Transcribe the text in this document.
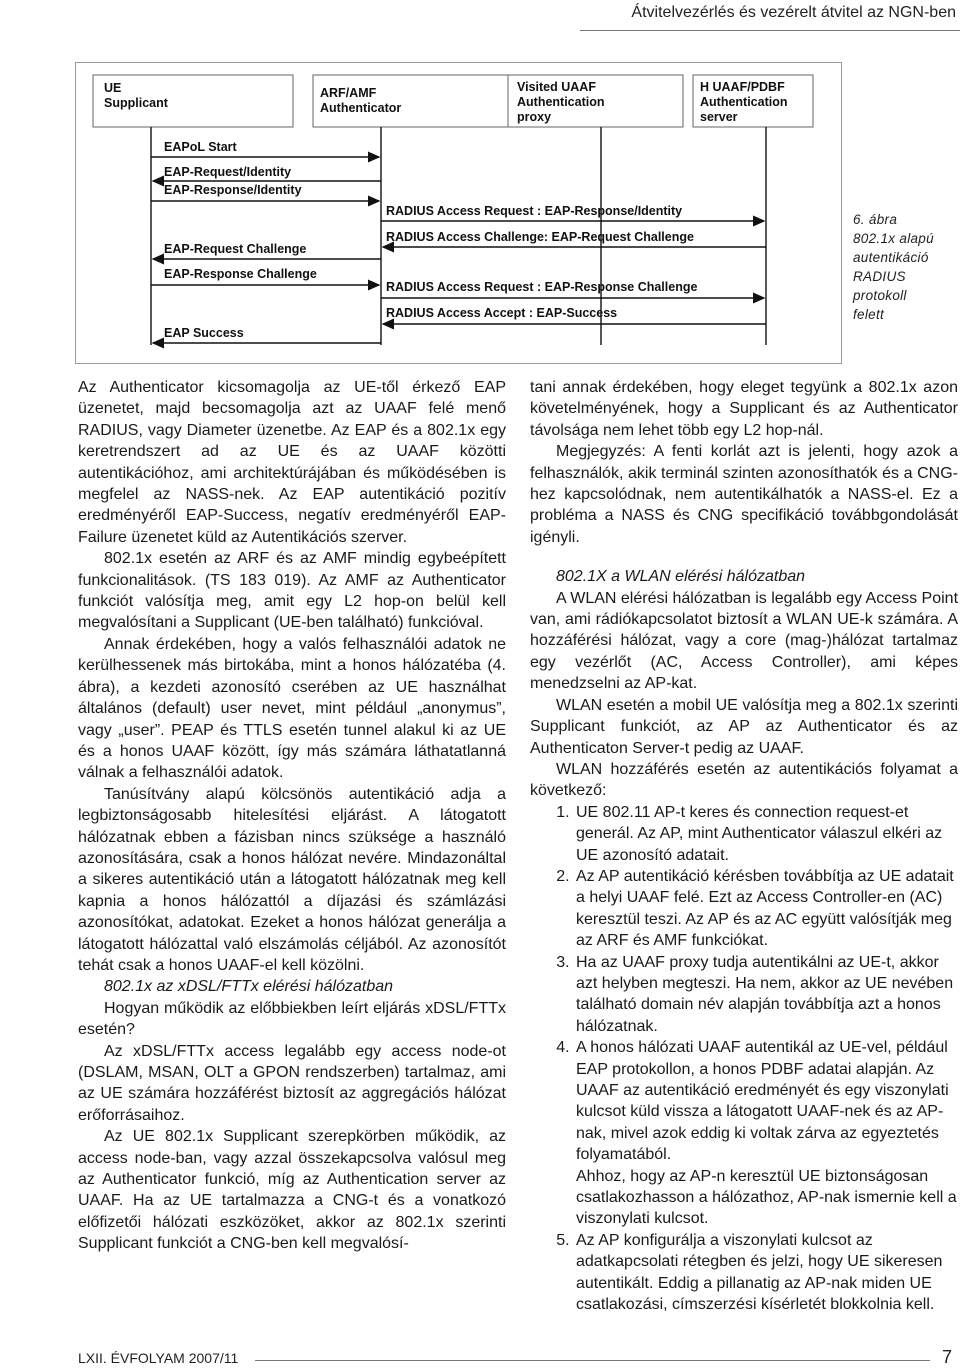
Átvitelvezérlés és vezérelt átvitel az NGN-ben
UE
Supplicant
ARF/AMF
Authenticator
Visited UAAF
Authentication
proxy
H UAAF/PDBF
Authentication
server
EAPoL Start
EAP-Request/Identity
EAP-Response/Identity
RADIUS Access Request : EAP-Response/Identity
RADIUS Access Challenge: EAP-Request Challenge
EAP-Request Challenge
EAP-Response Challenge
RADIUS Access Request : EAP-Response Challenge
RADIUS Access Accept : EAP-Success
EAP Success
6. ábra
802.1x alapú
autentikáció
RADIUS
protokoll
felett

Az Authenticator kicsomagolja az UE-től érkező EAP üzenetet, majd becsomagolja azt az UAAF felé menő RADIUS, vagy Diameter üzenetbe. Az EAP és a 802.1x egy keretrendszert ad az UE és az UAAF közötti autentikációhoz, ami architektúrájában és működésében is megfelel az NASS-nek. Az EAP autentikáció pozitív eredményéről EAP-Success, negatív eredményéről EAP-Failure üzenetet küld az Autentikációs szerver.

802.1x esetén az ARF és az AMF mindig egybeépített funkcionalitások. (TS 183 019). Az AMF az Authenticator funkciót valósítja meg, amit egy L2 hop-on belül kell megvalósítani a Supplicant (UE-ben található) funkcióval.

Annak érdekében, hogy a valós felhasználói adatok ne kerülhessenek más birtokába, mint a honos hálózatéba (4. ábra), a kezdeti azonosító cserében az UE használhat általános (default) user nevet, mint például „anonymus”, vagy „user”. PEAP és TTLS esetén tunnel alakul ki az UE és a honos UAAF között, így más számára láthatatlanná válnak a felhasználói adatok.

Tanúsítvány alapú kölcsönös autentikáció adja a legbiztonságosabb hitelesítési eljárást. A látogatott hálózatnak ebben a fázisban nincs szüksége a használó azonosítására, csak a honos hálózat nevére. Mindazonáltal a sikeres autentikáció után a látogatott hálózatnak meg kell kapnia a honos hálózattól a díjazási és számlázási azonosítókat, adatokat. Ezeket a honos hálózat generálja a látogatott hálózattal való elszámolás céljából. Az azonosítót tehát csak a honos UAAF-el kell közölni.

802.1x az xDSL/FTTx elérési hálózatban

Hogyan működik az előbbiekben leírt eljárás xDSL/FTTx esetén?

Az xDSL/FTTx access legalább egy access node-ot (DSLAM, MSAN, OLT a GPON rendszerben) tartalmaz, ami az UE számára hozzáférést biztosít az aggregációs hálózat erőforrásaihoz.

Az UE 802.1x Supplicant szerepkörben működik, az access node-ban, vagy azzal összekapcsolva valósul meg az Authenticator funkció, míg az Authentication server az UAAF. Ha az UE tartalmazza a CNG-t és a vonatkozó előfizetői hálózati eszközöket, akkor az 802.1x szerinti Supplicant funkciót a CNG-ben kell megvalósí-

tani annak érdekében, hogy eleget tegyünk a 802.1x azon követelményének, hogy a Supplicant és az Authenticator távolsága nem lehet több egy L2 hop-nál.

Megjegyzés: A fenti korlát azt is jelenti, hogy azok a felhasználók, akik terminál szinten azonosíthatók és a CNG-hez kapcsolódnak, nem autentikálhatók a NASS-el. Ez a probléma a NASS és CNG specifikáció továbbgondolását igényli.

802.1X a WLAN elérési hálózatban

A WLAN elérési hálózatban is legalább egy Access Point van, ami rádiókapcsolatot biztosít a WLAN UE-k számára. A hozzáférési hálózat, vagy a core (mag-)hálózat tartalmaz egy vezérlőt (AC, Access Controller), ami képes menedzselni az AP-kat.

WLAN esetén a mobil UE valósítja meg a 802.1x szerinti Supplicant funkciót, az AP az Authenticator és az Authenticaton Server-t pedig az UAAF.

WLAN hozzáférés esetén az autentikációs folyamat a következő:

1. UE 802.11 AP-t keres és connection request-et generál. Az AP, mint Authenticator válaszul elkéri az UE azonosító adatait.
2. Az AP autentikáció kérésben továbbítja az UE adatait a helyi UAAF felé. Ezt az Access Controller-en (AC) keresztül teszi. Az AP és az AC együtt valósítják meg az ARF és AMF funkciókat.
3. Ha az UAAF proxy tudja autentikálni az UE-t, akkor azt helyben megteszi. Ha nem, akkor az UE nevében található domain név alapján továbbítja azt a honos hálózatnak.
4. A honos hálózati UAAF autentikál az UE-vel, például EAP protokollon, a honos PDBF adatai alapján. Az UAAF az autentikáció eredményét és egy viszonylati kulcsot küld vissza a látogatott UAAF-nek és az AP-nak, mivel azok eddig ki voltak zárva az egyeztetés folyamatából.
Ahhoz, hogy az AP-n keresztül UE biztonságosan csatlakozhasson a hálózathoz, AP-nak ismernie kell a viszonylati kulcsot.
5. Az AP konfigurálja a viszonylati kulcsot az adatkapcsolati rétegben és jelzi, hogy UE sikeresen autentikált. Eddig a pillanatig az AP-nak miden UE csatlakozási, címszerzési kísérletét blokkolnia kell.
LXII. ÉVFOLYAM 2007/11	7
